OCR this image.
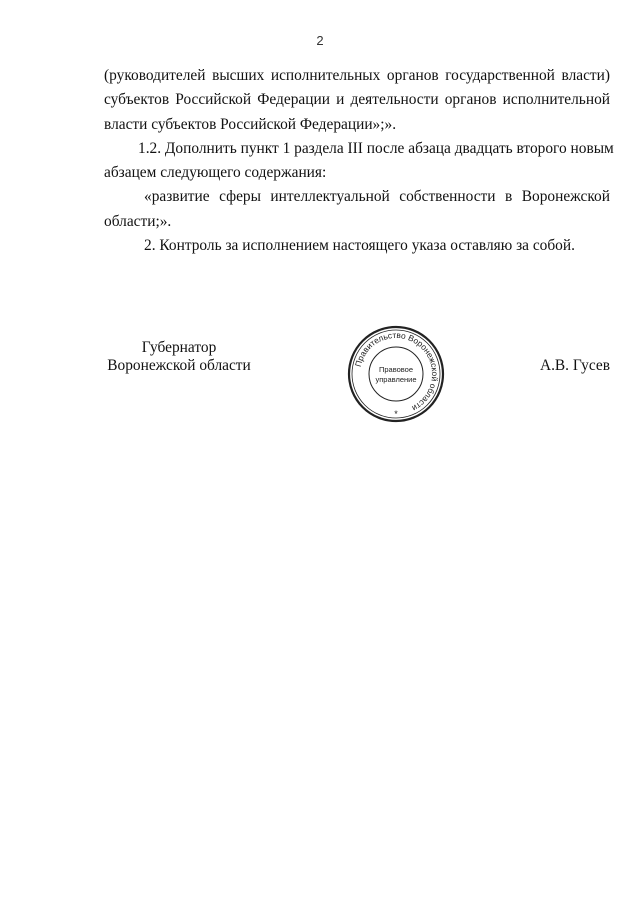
2

(руководителей высших исполнительных органов государственной власти)
субъектов Российской Федерации и деятельности органов исполнительной
власти субъектов Российской Федерации»;».

1.2. Дополнить пункт 1 раздела III после абзаца двадцать второго новым
абзацем следующего содержания:

«развитие сферы интеллектуальной собственности в Воронежской
области;».

2. Контроль за исполнением настоящего указа оставляю за собой.

Губернатор
Воронежской области	Правительство Воронежской области
Правовое
управление
*
А.В. Гусев
